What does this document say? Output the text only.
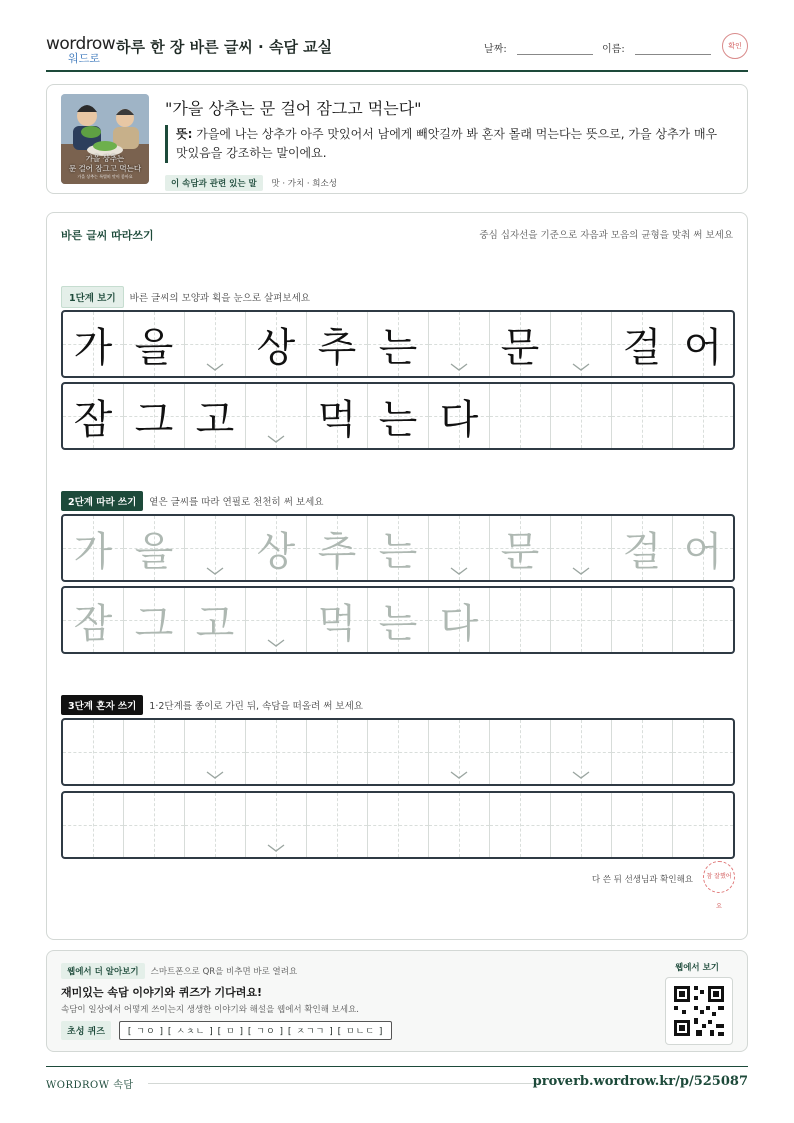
wordrow
워드로
하루 한 장 바른 글씨 · 속담 교실	날짜:	이름:	확인
가을 상추는
문 걸어 잠그고 먹는다
가을 상추는 특별히 맛이 좋아요
"가을 상추는 문 걸어 잠그고 먹는다"
뜻: 가을에 나는 상추가 아주 맛있어서 남에게 빼앗길까 봐 혼자 몰래 먹는다는 뜻으로, 가을 상추가 매우 맛있음을 강조하는 말이에요.
이 속담과 관련 있는 말 맛 · 가치 · 희소성
바른 글씨 따라쓰기	중심 십자선을 기준으로 자음과 모음의 균형을 맞춰 써 보세요
1단계 보기 바른 글씨의 모양과 획을 눈으로 살펴보세요
가 을 상 추 는 문 걸 어
잠 그 고 먹 는 다
2단계 따라 쓰기 옅은 글씨를 따라 연필로 천천히 써 보세요
가 을 상 추 는 문 걸 어
잠 그 고 먹 는 다
3단계 혼자 쓰기 1·2단계를 종이로 가린 뒤, 속담을 떠올려 써 보세요
다 쓴 뒤 선생님과 확인해요	참 잘했어요
웹에서 더 알아보기 스마트폰으로 QR을 비추면 바로 열려요
재미있는 속담 이야기와 퀴즈가 기다려요!
속담이 일상에서 어떻게 쓰이는지 생생한 이야기와 해설을 웹에서 확인해 보세요.
초성 퀴즈	[ ㄱㅇ ] [ ㅅㅊㄴ ] [ ㅁ ] [ ㄱㅇ ] [ ㅈㄱㄱ ] [ ㅁㄴㄷ ]
웹에서 보기
WORDROW 속담	proverb.wordrow.kr/p/525087
